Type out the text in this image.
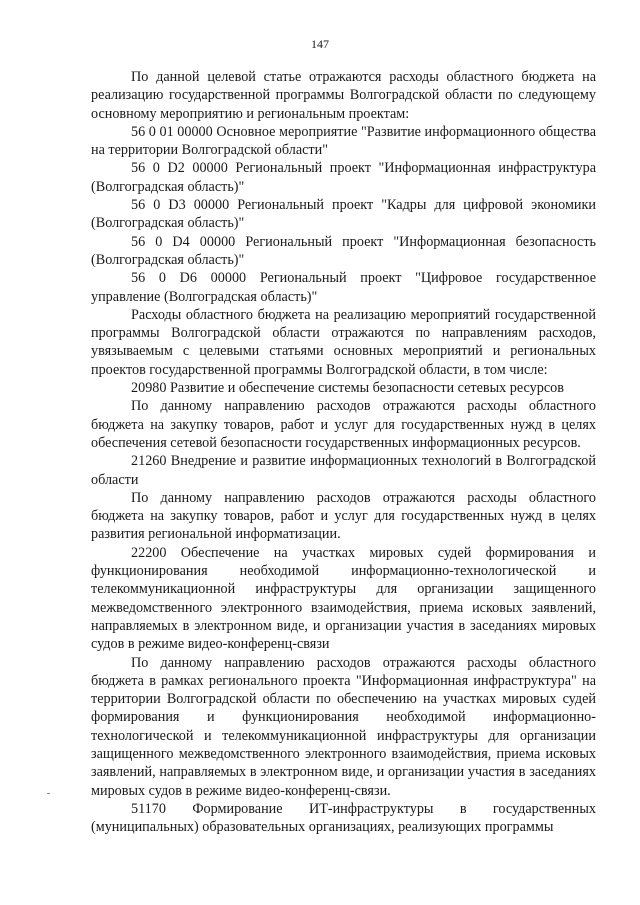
147

По данной целевой статье отражаются расходы областного бюджета на реализацию государственной программы Волгоградской области по следующему основному мероприятию и региональным проектам:

56 0 01 00000 Основное мероприятие "Развитие информационного общества на территории Волгоградской области"

56 0 D2 00000 Региональный проект "Информационная инфраструктура (Волгоградская область)"

56 0 D3 00000 Региональный проект "Кадры для цифровой экономики (Волгоградская область)"

56 0 D4 00000 Региональный проект "Информационная безопасность (Волгоградская область)"

56 0 D6 00000 Региональный проект "Цифровое государственное управление (Волгоградская область)"

Расходы областного бюджета на реализацию мероприятий государственной программы Волгоградской области отражаются по направлениям расходов, увязываемым с целевыми статьями основных мероприятий и региональных проектов государственной программы Волгоградской области, в том числе:

20980 Развитие и обеспечение системы безопасности сетевых ресурсов

По данному направлению расходов отражаются расходы областного бюджета на закупку товаров, работ и услуг для государственных нужд в целях обеспечения сетевой безопасности государственных информационных ресурсов.

21260 Внедрение и развитие информационных технологий в Волгоградской области

По данному направлению расходов отражаются расходы областного бюджета на закупку товаров, работ и услуг для государственных нужд в целях развития региональной информатизации.

22200 Обеспечение на участках мировых судей формирования и функционирования необходимой информационно-технологической и телекоммуникационной инфраструктуры для организации защищенного межведомственного электронного взаимодействия, приема исковых заявлений, направляемых в электронном виде, и организации участия в заседаниях мировых судов в режиме видео-конференц-связи

По данному направлению расходов отражаются расходы областного бюджета в рамках регионального проекта "Информационная инфраструктура" на территории Волгоградской области по обеспечению на участках мировых судей формирования и функционирования необходимой информационно-технологической и телекоммуникационной инфраструктуры для организации защищенного межведомственного электронного взаимодействия, приема исковых заявлений, направляемых в электронном виде, и организации участия в заседаниях мировых судов в режиме видео-конференц-связи.

51170 Формирование ИТ-инфраструктуры в государственных (муниципальных) образовательных организациях, реализующих программы
